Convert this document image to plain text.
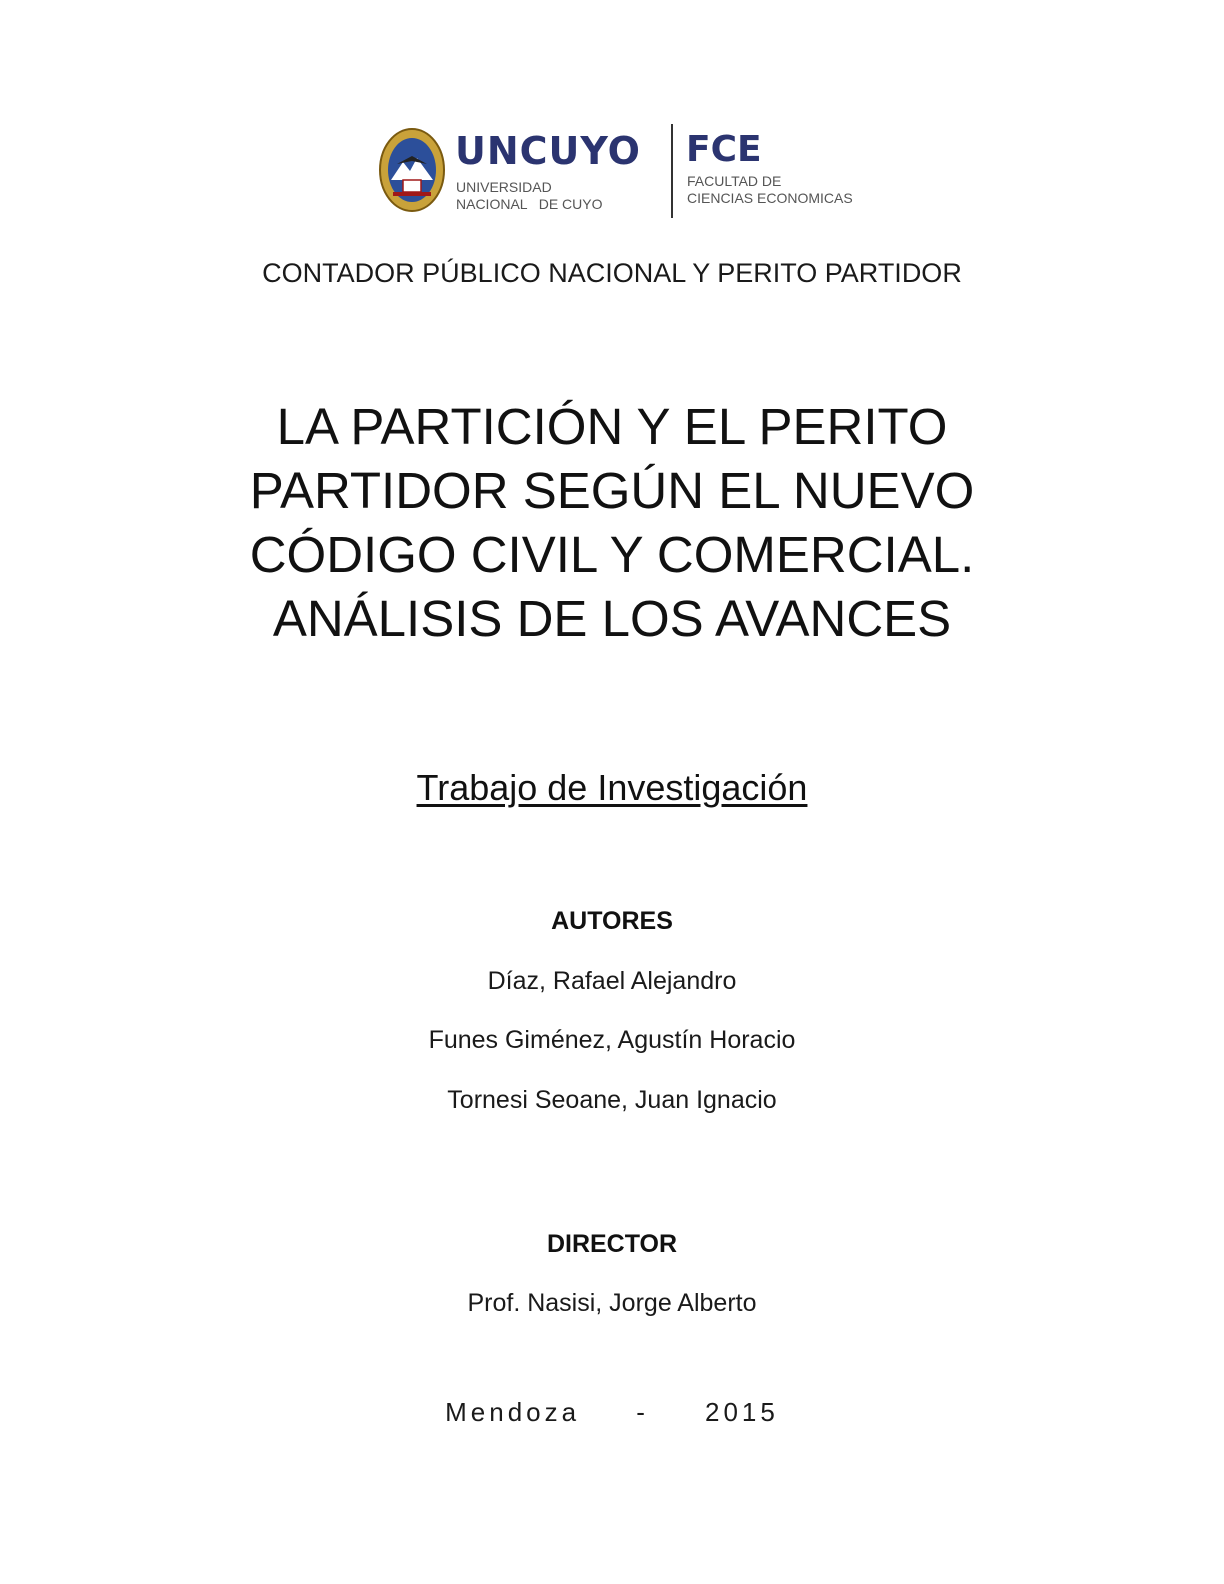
UNCUYO
UNIVERSIDAD
NACIONAL   DE CUYO
FCE
FACULTAD DE
CIENCIAS ECONOMICAS
CONTADOR PÚBLICO NACIONAL Y PERITO PARTIDOR
LA PARTICIÓN Y EL PERITO
PARTIDOR SEGÚN EL NUEVO
CÓDIGO CIVIL Y COMERCIAL.
ANÁLISIS DE LOS AVANCES
Trabajo de Investigación
AUTORES
Díaz, Rafael Alejandro
Funes Giménez, Agustín Horacio
Tornesi Seoane, Juan Ignacio
DIRECTOR
Prof. Nasisi, Jorge Alberto
Mendoza - 2015
